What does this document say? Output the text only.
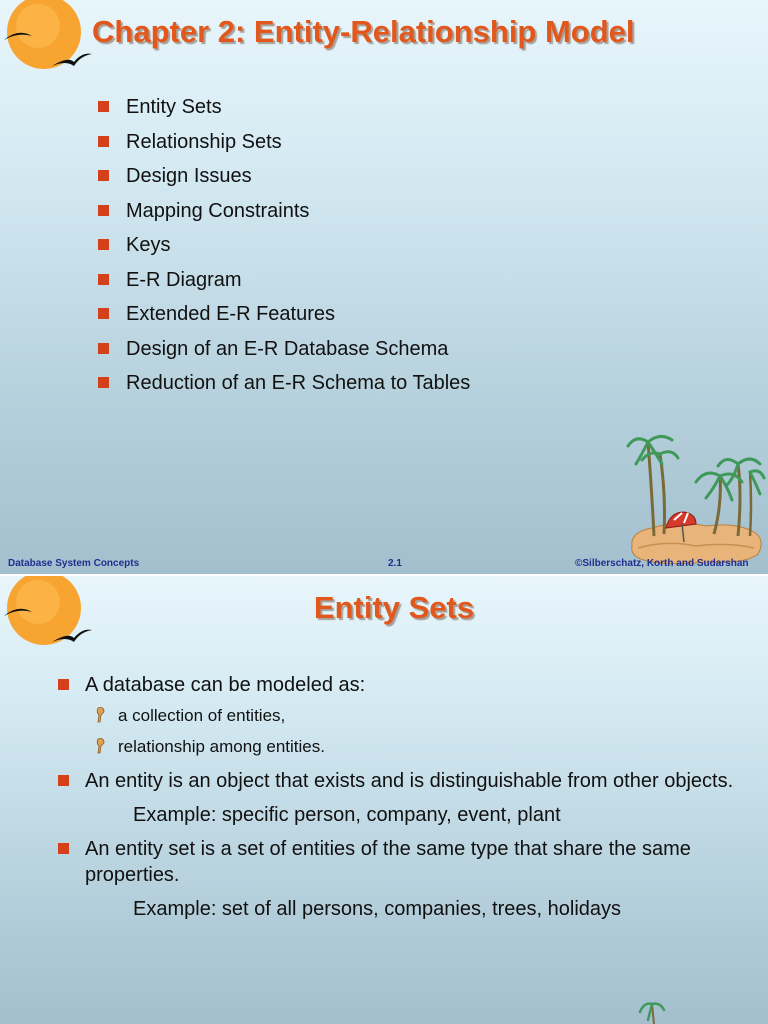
Chapter 2: Entity-Relationship Model
Entity Sets
Relationship Sets
Design Issues
Mapping Constraints
Keys
E-R Diagram
Extended E-R Features
Design of an E-R Database Schema
Reduction of an E-R Schema to Tables
Database System Concepts	2.1	©Silberschatz, Korth and Sudarshan
Entity Sets
A database can be modeled as:
a collection of entities,
relationship among entities.
An entity is an object that exists and is distinguishable from other objects.
Example: specific person, company, event, plant
An entity set is a set of entities of the same type that share the same properties.
Example: set of all persons, companies, trees, holidays
